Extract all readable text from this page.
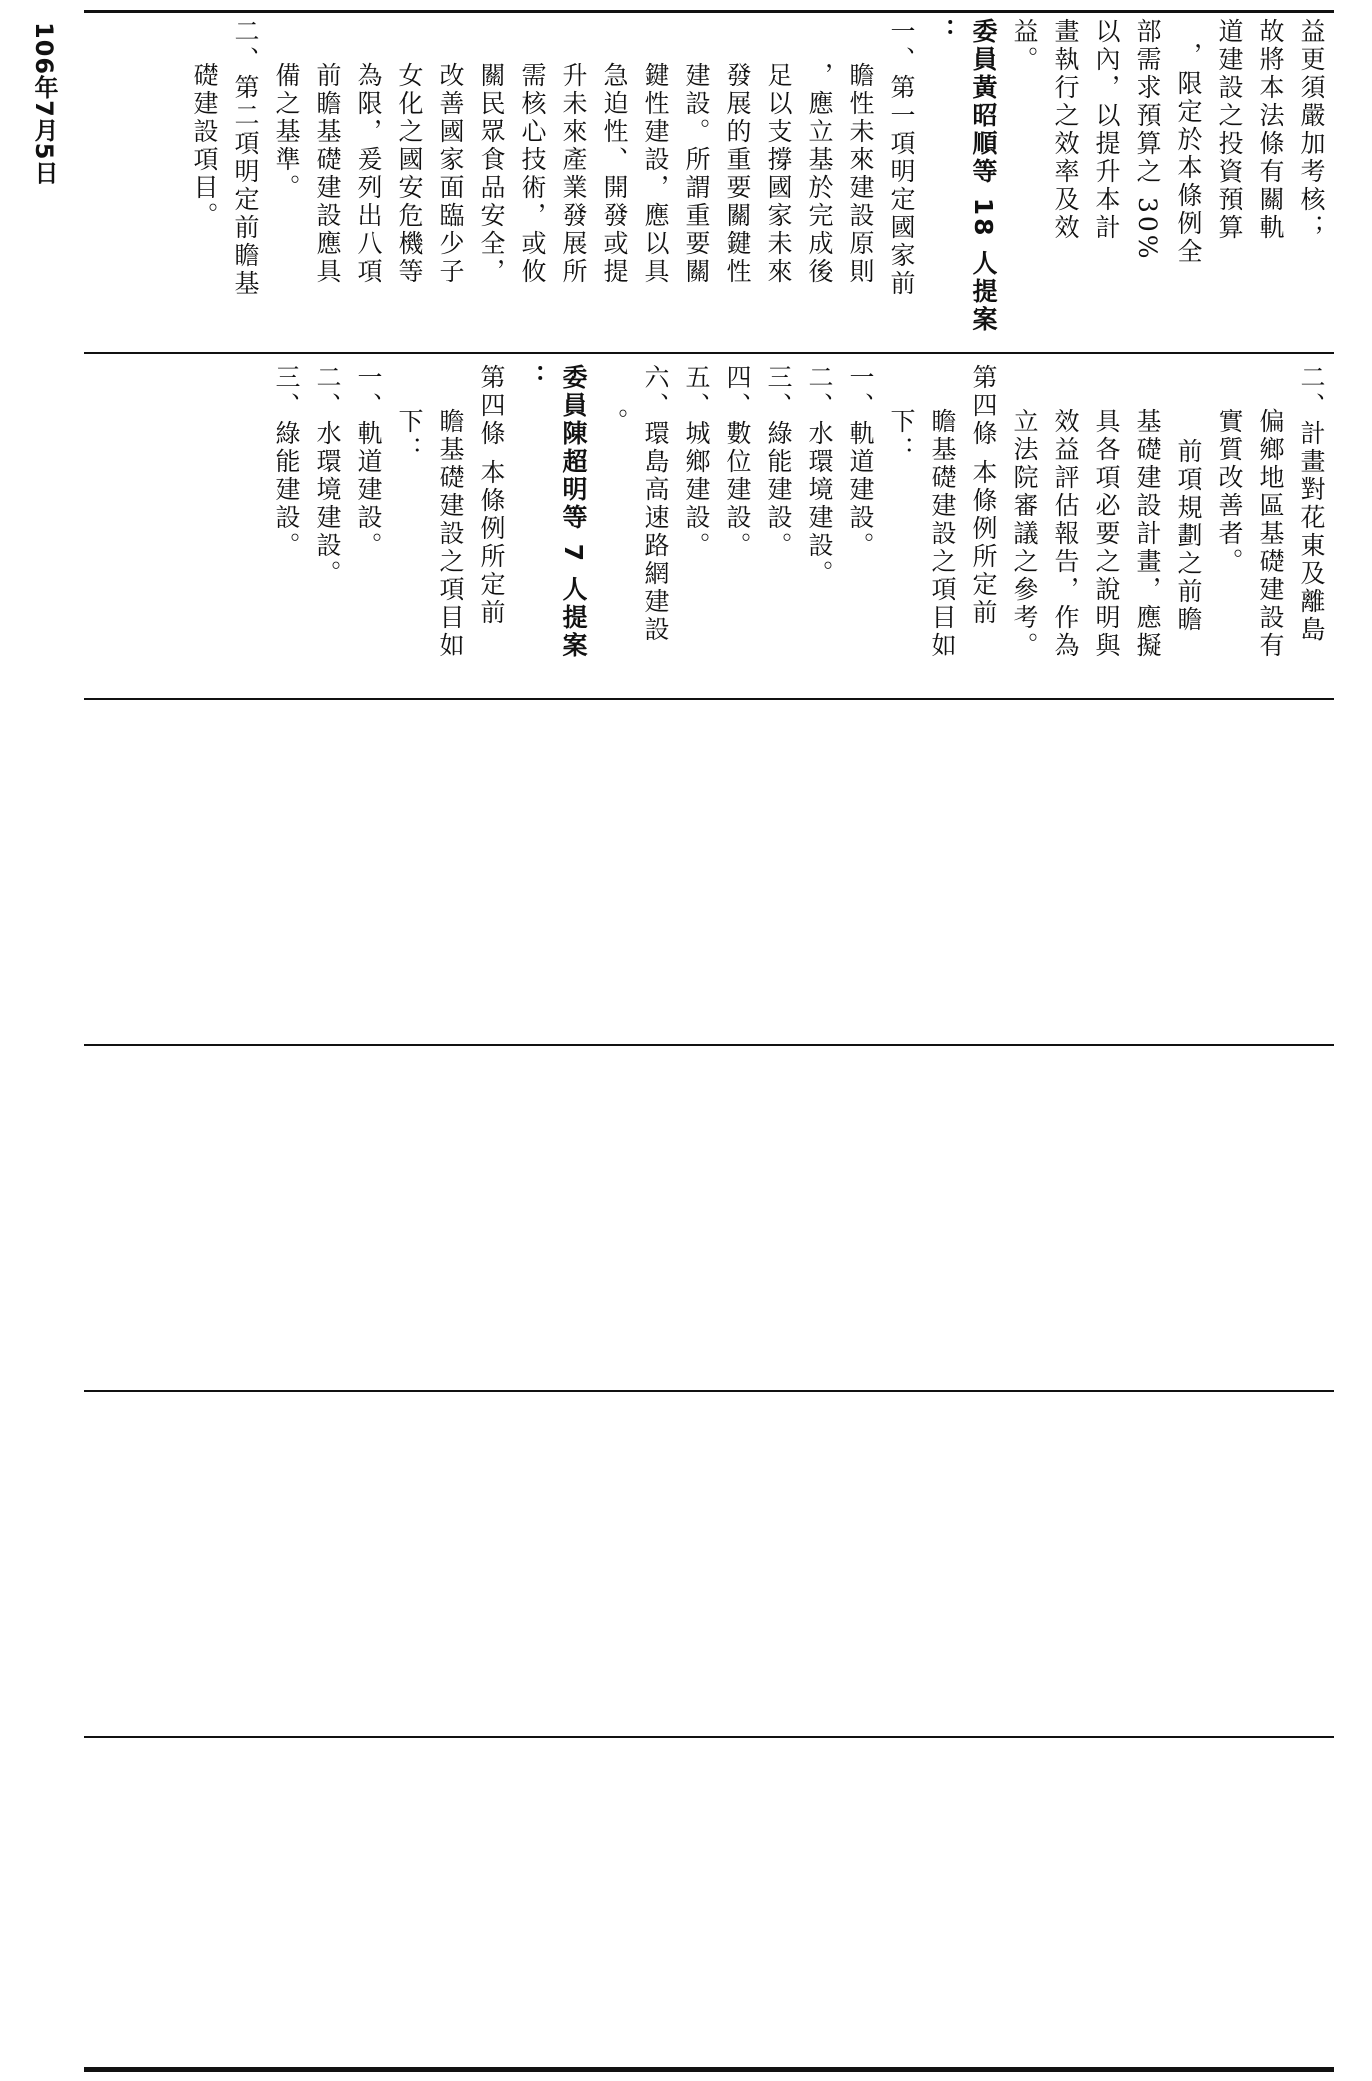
106年7月5日	益更須嚴加考核；

故將本法條有關軌

道建設之投資預算

，限定於本條例全

部需求預算之 30%

以內，以提升本計

畫執行之效率及效

益。

委員黃昭順等 18 人提案

：

一、第一項明定國家前

瞻性未來建設原則

，應立基於完成後

足以支撐國家未來

發展的重要關鍵性

建設。所謂重要關

鍵性建設，應以具

急迫性、開發或提

升未來產業發展所

需核心技術，或攸

關民眾食品安全，

改善國家面臨少子

女化之國安危機等

為限，爰列出八項

前瞻基礎建設應具

備之基準。

二、第二項明定前瞻基

礎建設項目。

二、計畫對花東及離島

偏鄉地區基礎建設有

實質改善者。

前項規劃之前瞻

基礎建設計畫，應擬

具各項必要之說明與

效益評估報告，作為

立法院審議之參考。

第四條 本條例所定前

瞻基礎建設之項目如

下：

一、軌道建設。

二、水環境建設。

三、綠能建設。

四、數位建設。

五、城鄉建設。

六、環島高速路網建設

。

委員陳超明等 7 人提案

：

第四條 本條例所定前

瞻基礎建設之項目如

下：

一、軌道建設。

二、水環境建設。

三、綠能建設。
